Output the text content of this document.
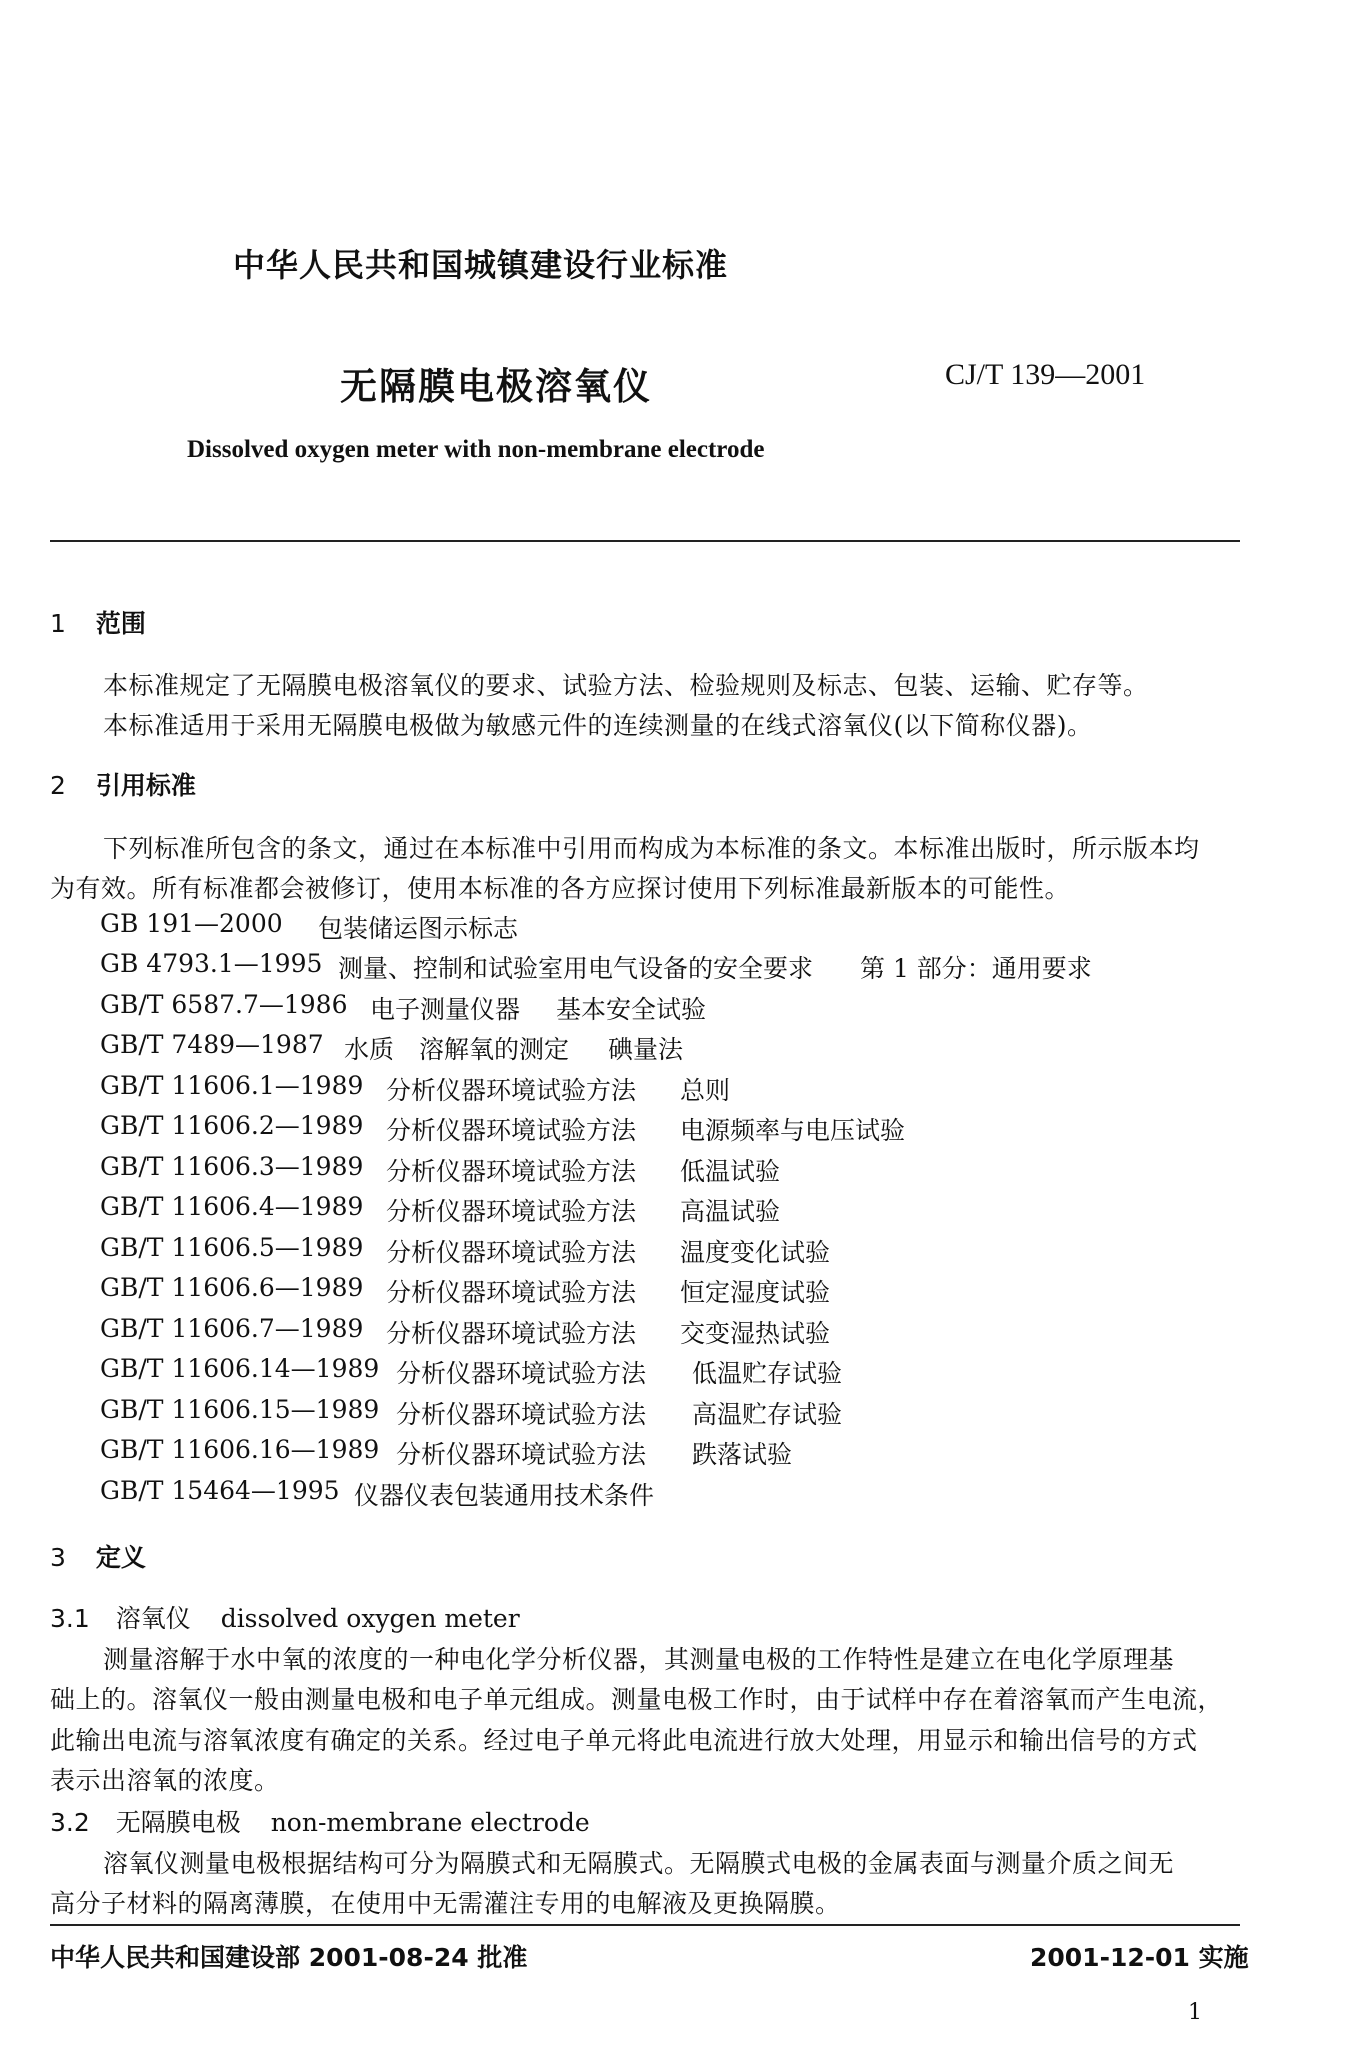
中华人民共和国城镇建设行业标准
无隔膜电极溶氧仪	CJ/T 139—2001
Dissolved oxygen meter with non-membrane electrode
1 范围
本标准规定了无隔膜电极溶氧仪的要求、试验方法、检验规则及标志、包装、运输、贮存等。
本标准适用于采用无隔膜电极做为敏感元件的连续测量的在线式溶氧仪(以下简称仪器)。
2 引用标准
下列标准所包含的条文，通过在本标准中引用而构成为本标准的条文。本标准出版时，所示版本均
为有效。所有标准都会被修订，使用本标准的各方应探讨使用下列标准最新版本的可能性。
GB 191—2000 包装储运图示标志
GB 4793.1—1995 测量、控制和试验室用电气设备的安全要求 第 1 部分：通用要求
GB/T 6587.7—1986 电子测量仪器 基本安全试验
GB/T 7489—1987 水质　溶解氧的测定 碘量法
GB/T 11606.1—1989 分析仪器环境试验方法 总则
GB/T 11606.2—1989 分析仪器环境试验方法 电源频率与电压试验
GB/T 11606.3—1989 分析仪器环境试验方法 低温试验
GB/T 11606.4—1989 分析仪器环境试验方法 高温试验
GB/T 11606.5—1989 分析仪器环境试验方法 温度变化试验
GB/T 11606.6—1989 分析仪器环境试验方法 恒定湿度试验
GB/T 11606.7—1989 分析仪器环境试验方法 交变湿热试验
GB/T 11606.14—1989 分析仪器环境试验方法 低温贮存试验
GB/T 11606.15—1989 分析仪器环境试验方法 高温贮存试验
GB/T 11606.16—1989 分析仪器环境试验方法 跌落试验
GB/T 15464—1995 仪器仪表包装通用技术条件
3 定义
3.1 溶氧仪 dissolved oxygen meter
测量溶解于水中氧的浓度的一种电化学分析仪器，其测量电极的工作特性是建立在电化学原理基
础上的。溶氧仪一般由测量电极和电子单元组成。测量电极工作时，由于试样中存在着溶氧而产生电流，
此输出电流与溶氧浓度有确定的关系。经过电子单元将此电流进行放大处理，用显示和输出信号的方式
表示出溶氧的浓度。
3.2 无隔膜电极 non-membrane electrode
溶氧仪测量电极根据结构可分为隔膜式和无隔膜式。无隔膜式电极的金属表面与测量介质之间无
高分子材料的隔离薄膜，在使用中无需灌注专用的电解液及更换隔膜。
中华人民共和国建设部 2001-08-24 批准	2001-12-01 实施
1
